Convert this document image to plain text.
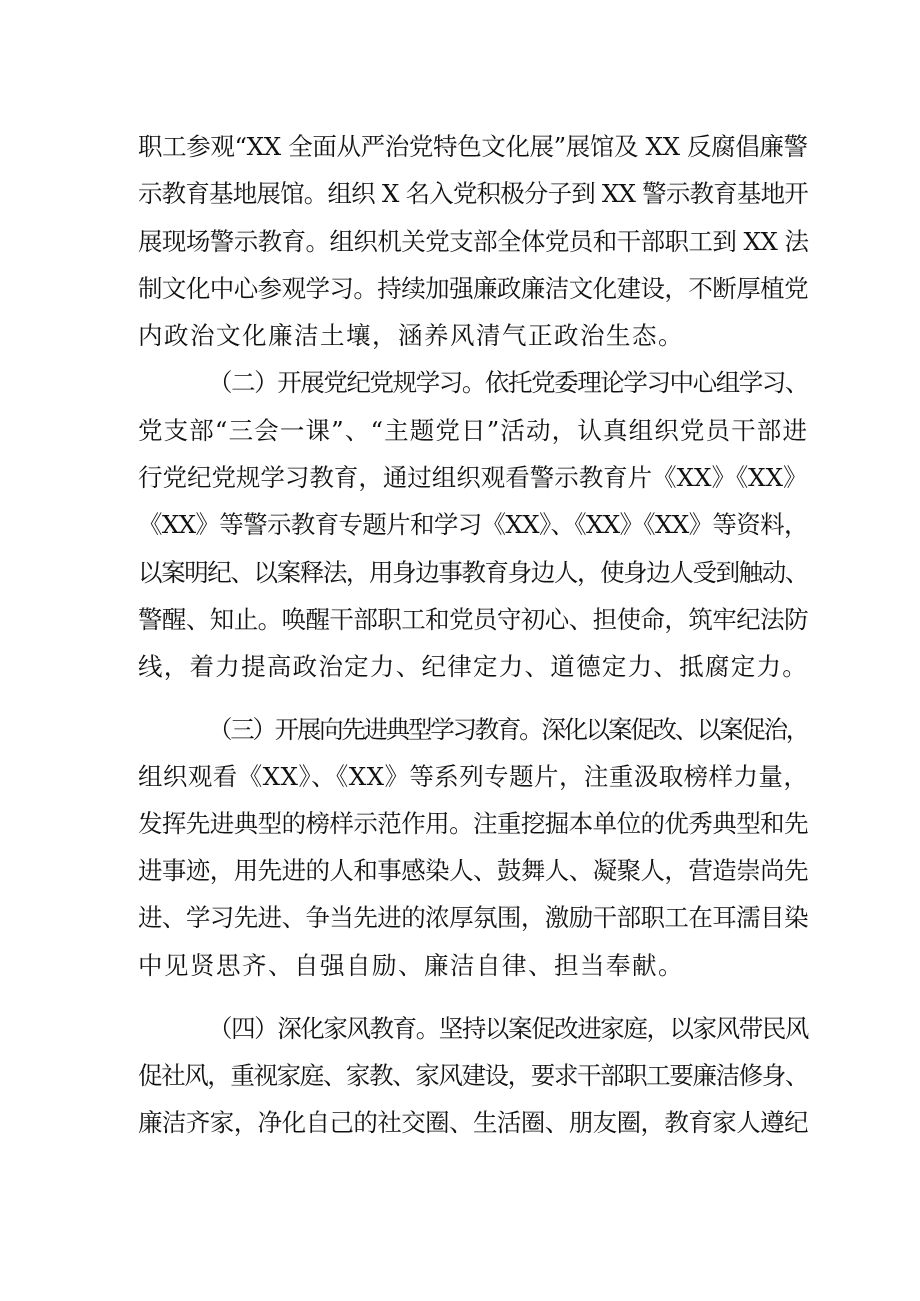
职工参观“XX 全面从严治党特色文化展”展馆及 XX 反腐倡廉警
示教育基地展馆。组织 X 名入党积极分子到 XX 警示教育基地开
展现场警示教育。组织机关党支部全体党员和干部职工到 XX 法
制文化中心参观学习。持续加强廉政廉洁文化建设，不断厚植党
内政治文化廉洁土壤，涵养风清气正政治生态。
（二）开展党纪党规学习。依托党委理论学习中心组学习、
党支部“三会一课”、“主题党日”活动，认真组织党员干部进
行党纪党规学习教育，通过组织观看警示教育片《XX》《XX》
《XX》等警示教育专题片和学习《XX》、《XX》《XX》等资料，
以案明纪、以案释法，用身边事教育身边人，使身边人受到触动、
警醒、知止。唤醒干部职工和党员守初心、担使命，筑牢纪法防
线，着力提高政治定力、纪律定力、道德定力、抵腐定力。
（三）开展向先进典型学习教育。深化以案促改、以案促治，
组织观看《XX》、《XX》等系列专题片，注重汲取榜样力量，
发挥先进典型的榜样示范作用。注重挖掘本单位的优秀典型和先
进事迹，用先进的人和事感染人、鼓舞人、凝聚人，营造崇尚先
进、学习先进、争当先进的浓厚氛围，激励干部职工在耳濡目染
中见贤思齐、自强自励、廉洁自律、担当奉献。
（四）深化家风教育。坚持以案促改进家庭，以家风带民风
促社风，重视家庭、家教、家风建设，要求干部职工要廉洁修身、
廉洁齐家，净化自己的社交圈、生活圈、朋友圈，教育家人遵纪
